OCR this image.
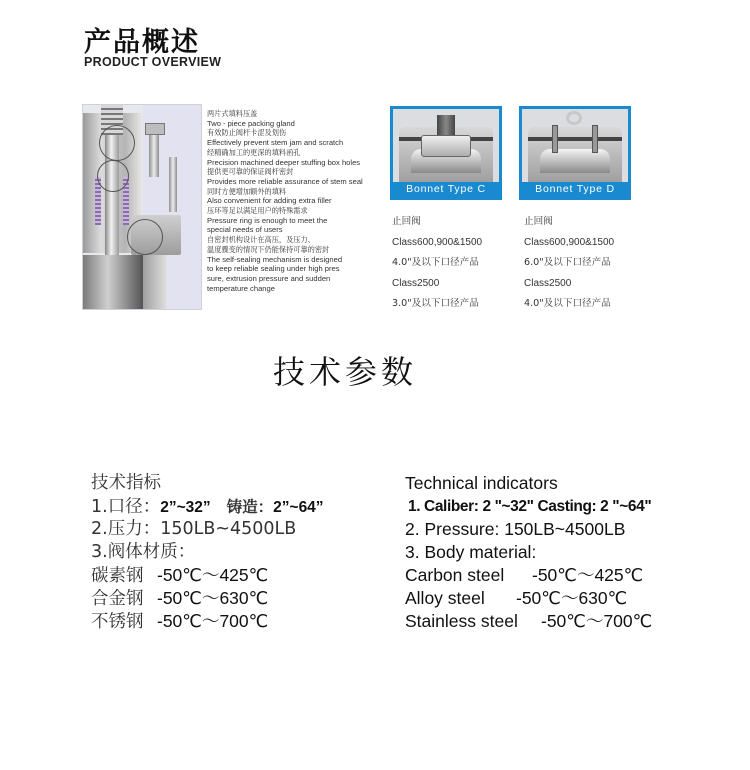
产品概述
PRODUCT OVERVIEW
两片式填料压盖
Two - piece packing gland
有效防止阀杆卡涩及划伤
Effectively prevent stem jam and scratch
经精确加工的更深的填料函孔
Precision machined deeper stuffing box holes
提供更可靠的保证阀杆密封
Provides more reliable assurance of stem seal
同时方便增加额外的填料
Also convenient for adding extra filler
压环等足以满足用户的特殊需求
Pressure ring is enough to meet the
special needs of users
自密封机构设计在高压，及压力、
温度骤变的情况下仍能保持可靠的密封
The self-sealing mechanism is designed
to keep reliable sealing under high pres
sure, extrusion pressure and sudden
temperature change
Bonnet Type C
止回阀
Class600,900&1500
4.0"及以下口径产品
Class2500
3.0"及以下口径产品
Bonnet Type D
止回阀
Class600,900&1500
6.0"及以下口径产品
Class2500
4.0"及以下口径产品
技术参数
技术指标
1.口径：2”~32” 铸造：2”~64”
2.压力：150LB~4500LB
3.阀体材质：
碳素钢 -50℃～425℃
合金钢 -50℃～630℃
不锈钢 -50℃～700℃
Technical indicators
1. Caliber: 2 "~32" Casting: 2 "~64"
2. Pressure: 150LB~4500LB
3. Body material:
Carbon steel -50℃～425℃
Alloy steel -50℃～630℃
Stainless steel -50℃～700℃
